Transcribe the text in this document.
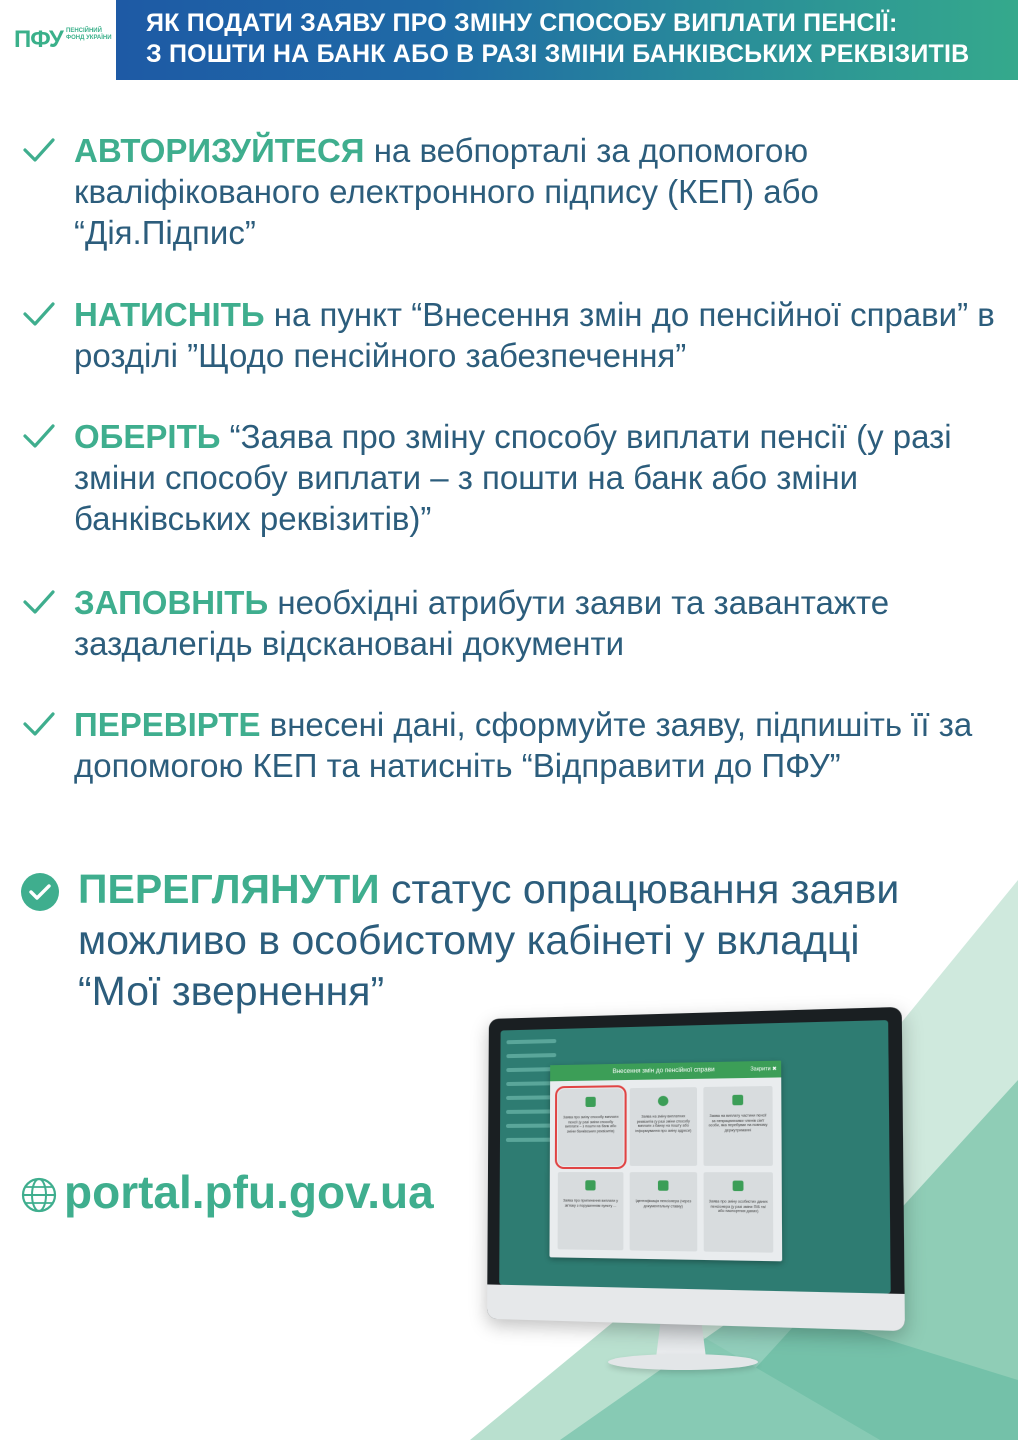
ПФУ ПЕНСІЙНИЙ ФОНД УКРАЇНИ
ЯК ПОДАТИ ЗАЯВУ ПРО ЗМІНУ СПОСОБУ ВИПЛАТИ ПЕНСІЇ:
З ПОШТИ НА БАНК АБО В РАЗІ ЗМІНИ БАНКІВСЬКИХ РЕКВІЗИТІВ
АВТОРИЗУЙТЕСЯ на вебпорталі за допомогою кваліфікованого електронного підпису (КЕП) або “Дія.Підпис”
НАТИСНІТЬ на пункт “Внесення змін до пенсійної справи” в розділі ”Щодо пенсійного забезпечення”
ОБЕРІТЬ “Заява про зміну способу виплати пенсії (у разі зміни способу виплати – з пошти на банк або зміни банківських реквізитів)”
ЗАПОВНІТЬ необхідні атрибути заяви та завантажте заздалегідь відскановані документи
ПЕРЕВІРТЕ внесені дані, сформуйте заяву, підпишіть її за допомогою КЕП та натисніть “Відправити до ПФУ”
ПЕРЕГЛЯНУТИ статус опрацювання заяви можливо в особистому кабінеті у вкладці “Мої звернення”
portal.pfu.gov.ua
Внесення змін до пенсійної справи	Закрити ✖
Заява про зміну способу виплати пенсії (у разі зміни способу виплати – з пошти на банк або зміни банківських реквізитів)
Заява на зміну виплатних реквізитів (у разі зміни способу виплати з банку на пошту або інформування про зміну адреси)
Заява на виплату частини пенсії за непрацюючими членів сім'ї особи, яка перебуває на повному держутриманні
Заява про припинення виплати у зв'язку з порушенням пункту ...
Ідентифікація пенсіонера (через документальну ставку)
Заява про зміну особистих даних пенсіонера (у разі зміни ПІБ та/або паспортних даних)
